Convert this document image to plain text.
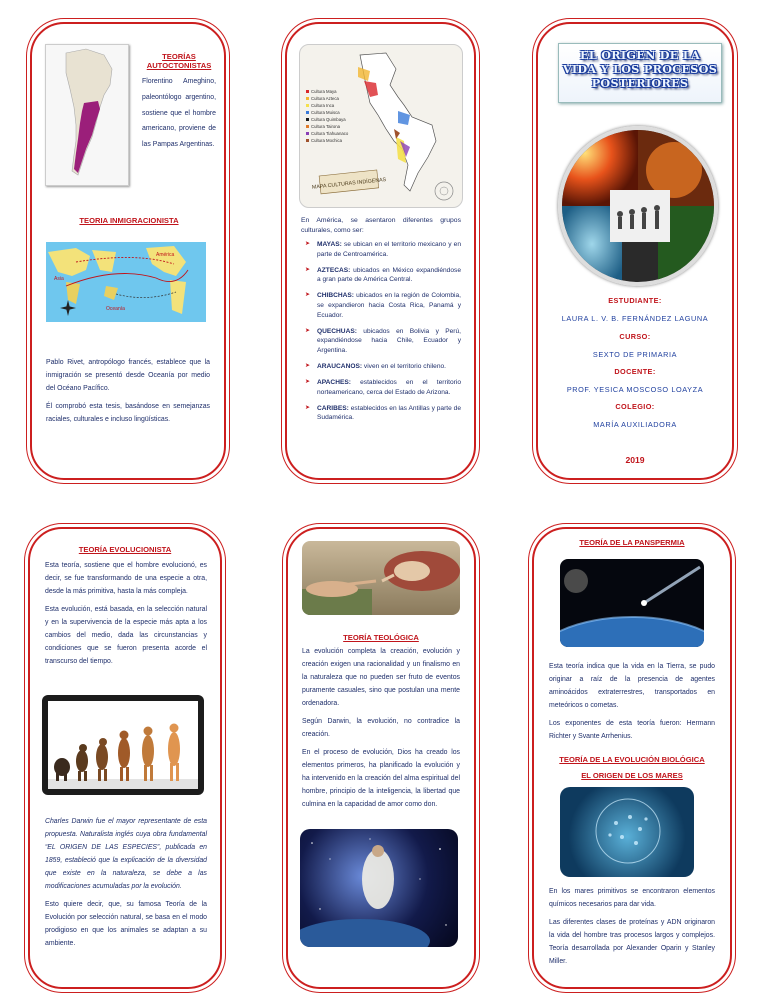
TEORÍAS AUTOCTONISTAS
Florentino Ameghino, paleontólogo argentino, sostiene que el hombre americano, proviene de las Pampas Argentinas.
TEORIA INMIGRACIONISTA
Asia
Oceanía
América

Pablo Rivet, antropólogo francés, establece que la inmigración se presentó desde Oceanía por medio del Océano Pacífico.

Él comprobó esta tesis, basándose en semejanzas raciales, culturales e incluso lingüísticas.

Cultura Maya
Cultura Azteca
Cultura Inca
Cultura Muisca
Cultura Quimbaya
Cultura Tairona
Cultura Tiahuanaco
Cultura Mochica
MAPA CULTURAS INDÍGENAS
En América, se asentaron diferentes grupos culturales, como ser:
➤ MAYAS: se ubican en el territorio mexicano y en parte de Centroamérica.
➤ AZTECAS: ubicados en México expandiéndose a gran parte de América Central.
➤ CHIBCHAS: ubicados en la región de Colombia, se expandieron hacia Costa Rica, Panamá y Ecuador.
➤ QUECHUAS: ubicados en Bolivia y Perú, expandiéndose hacia Chile, Ecuador y Argentina.
➤ ARAUCANOS: viven en el territorio chileno.
➤ APACHES: establecidos en el territorio norteamericano, cerca del Estado de Arizona.
➤ CARIBES: establecidos en las Antillas y parte de Sudamérica.
EL ORIGEN DE LA
VIDA Y LOS PROCESOS
POSTERIORES
ESTUDIANTE:
LAURA L. V. B. FERNÁNDEZ LAGUNA
CURSO:
SEXTO DE PRIMARIA
DOCENTE:
PROF. YESICA MOSCOSO LOAYZA
COLEGIO:
MARÍA AUXILIADORA
2019
TEORÍA EVOLUCIONISTA

Esta teoría, sostiene que el hombre evolucionó, es decir, se fue transformando de una especie a otra, desde la más primitiva, hasta la más compleja.

Esta evolución, está basada, en la selección natural y en la supervivencia de la especie más apta a los cambios del medio, dada las circunstancias y condiciones que se fueron presenta acorde el transcurso del tiempo.

Charles Darwin fue el mayor representante de esta propuesta. Naturalista inglés cuya obra fundamental “EL ORIGEN DE LAS ESPECIES”, publicada en 1859, estableció que la explicación de la diversidad que existe en la naturaleza, se debe a las modificaciones acumuladas por la evolución.

Esto quiere decir, que, su famosa Teoría de la Evolución por selección natural, se basa en el modo prodigioso en que los animales se adaptan a su ambiente.

TEORÍA TEOLÓGICA

La evolución completa la creación, evolución y creación exigen una racionalidad y un finalismo en la naturaleza que no pueden ser fruto de eventos puramente casuales, sino que postulan una mente ordenadora.

Según Darwin, la evolución, no contradice la creación.

En el proceso de evolución, Dios ha creado los elementos primeros, ha planificado la evolución y ha intervenido en la creación del alma espiritual del hombre, principio de la inteligencia, la libertad que culmina en la capacidad de amor como don.

TEORÍA DE LA PANSPERMIA

Esta teoría indica que la vida en la Tierra, se pudo originar a raíz de la presencia de agentes aminoácidos extraterrestres, transportados en meteóricos o cometas.

Los exponentes de esta teoría fueron: Hermann Richter y Svante Arrhenius.

TEORÍA DE LA EVOLUCIÓN BIOLÓGICA
EL ORIGEN DE LOS MARES

En los mares primitivos se encontraron elementos químicos necesarios para dar vida.

Las diferentes clases de proteínas y ADN originaron la vida del hombre tras procesos largos y complejos. Teoría desarrollada por Alexander Oparin y Stanley Miller.
